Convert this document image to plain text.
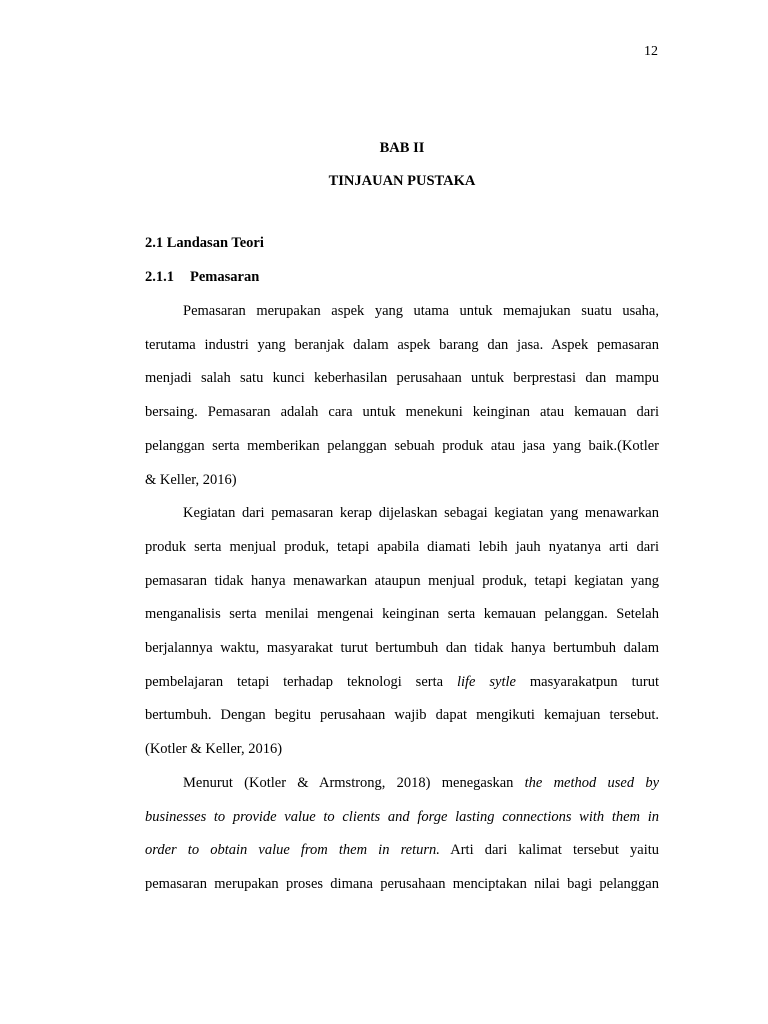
12
BAB II
TINJAUAN PUSTAKA
2.1 Landasan Teori
2.1.1 Pemasaran
Pemasaran merupakan aspek yang utama untuk memajukan suatu usaha,
terutama industri yang beranjak dalam aspek barang dan jasa. Aspek pemasaran
menjadi salah satu kunci keberhasilan perusahaan untuk berprestasi dan mampu
bersaing. Pemasaran adalah cara untuk menekuni keinginan atau kemauan dari
pelanggan serta memberikan pelanggan sebuah produk atau jasa yang baik.(Kotler
& Keller, 2016)
Kegiatan dari pemasaran kerap dijelaskan sebagai kegiatan yang menawarkan
produk serta menjual produk, tetapi apabila diamati lebih jauh nyatanya arti dari
pemasaran tidak hanya menawarkan ataupun menjual produk, tetapi kegiatan yang
menganalisis serta menilai mengenai keinginan serta kemauan pelanggan. Setelah
berjalannya waktu, masyarakat turut bertumbuh dan tidak hanya bertumbuh dalam
pembelajaran tetapi terhadap teknologi serta life sytle masyarakatpun turut
bertumbuh. Dengan begitu perusahaan wajib dapat mengikuti kemajuan tersebut.
(Kotler & Keller, 2016)
Menurut (Kotler & Armstrong, 2018) menegaskan the method used by
businesses to provide value to clients and forge lasting connections with them in
order to obtain value from them in return. Arti dari kalimat tersebut yaitu
pemasaran merupakan proses dimana perusahaan menciptakan nilai bagi pelanggan
